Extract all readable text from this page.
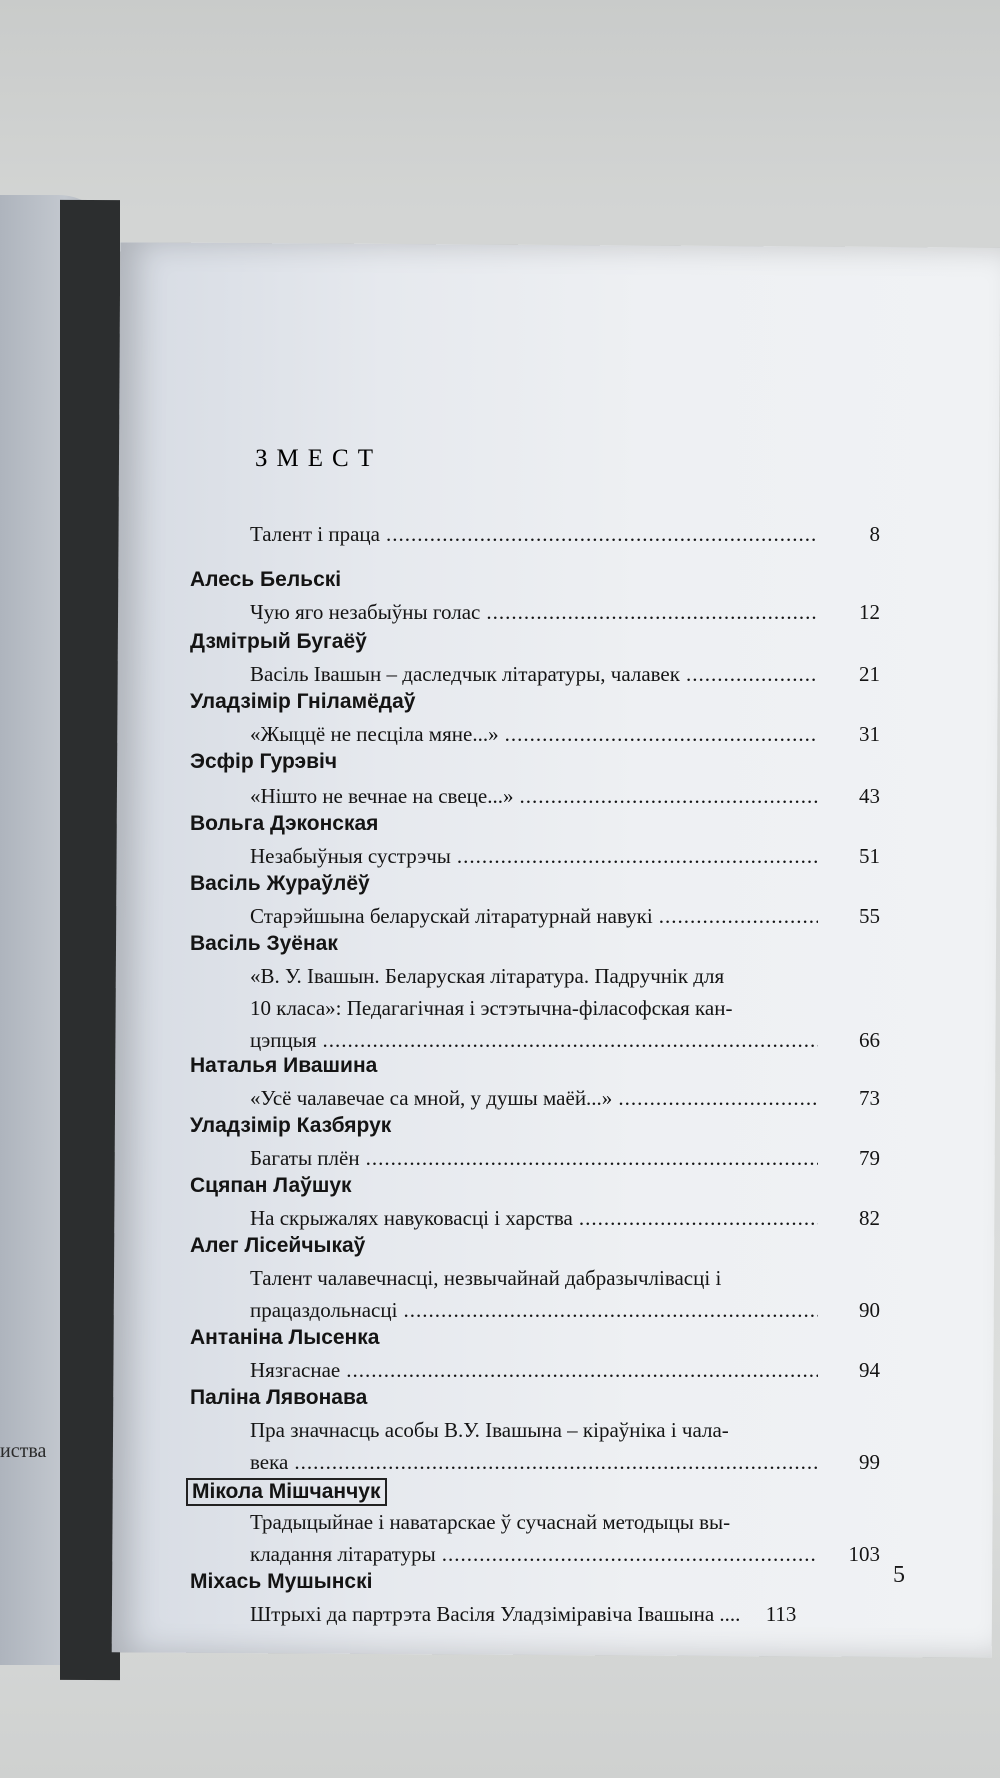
иства
ЗМЕСТ
Талент і праца .....	8
Алесь Бельскі
Чую яго незабыўны голас .....	12
Дзмітрый Бугаёў
Васіль Івашын – даследчык літаратуры, чалавек .....	21
Уладзімір Гніламёдаў
«Жыццё не песціла мяне...» .....	31
Эсфір Гурэвіч
«Нішто не вечнае на свеце...» .....	43
Вольга Дэконская
Незабыўныя сустрэчы .....	51
Васіль Жураўлёў
Старэйшына беларускай літаратурнай навукі .....	55
Васіль Зуёнак
«В. У. Івашын. Беларуская літаратура. Падручнік для
10 класа»: Педагагічная і эстэтычна-філасофская кан-
цэпцыя .....	66
Наталья Ивашина
«Усё чалавечае са мной, у душы маёй...» .....	73
Уладзімір Казбярук
Багаты плён .....	79
Сцяпан Лаўшук
На скрыжалях навуковасці і харства .....	82
Алег Лісейчыкаў
Талент чалавечнасці, незвычайнай дабразычлівасці і
працаздольнасці .....	90
Антаніна Лысенка
Нязгаснае .....	94
Паліна Лявонава
Пра значнасць асобы В.У. Івашына – кіраўніка і чала-
века .....	99
Мікола Мішчанчук
Традыцыйнае і наватарскае ў сучаснай методыцы вы-
кладання літаратуры .....	103
Міхась Мушынскі
Штрыхі да партрэта Васіля Уладзіміравіча Івашына ....	113
5
